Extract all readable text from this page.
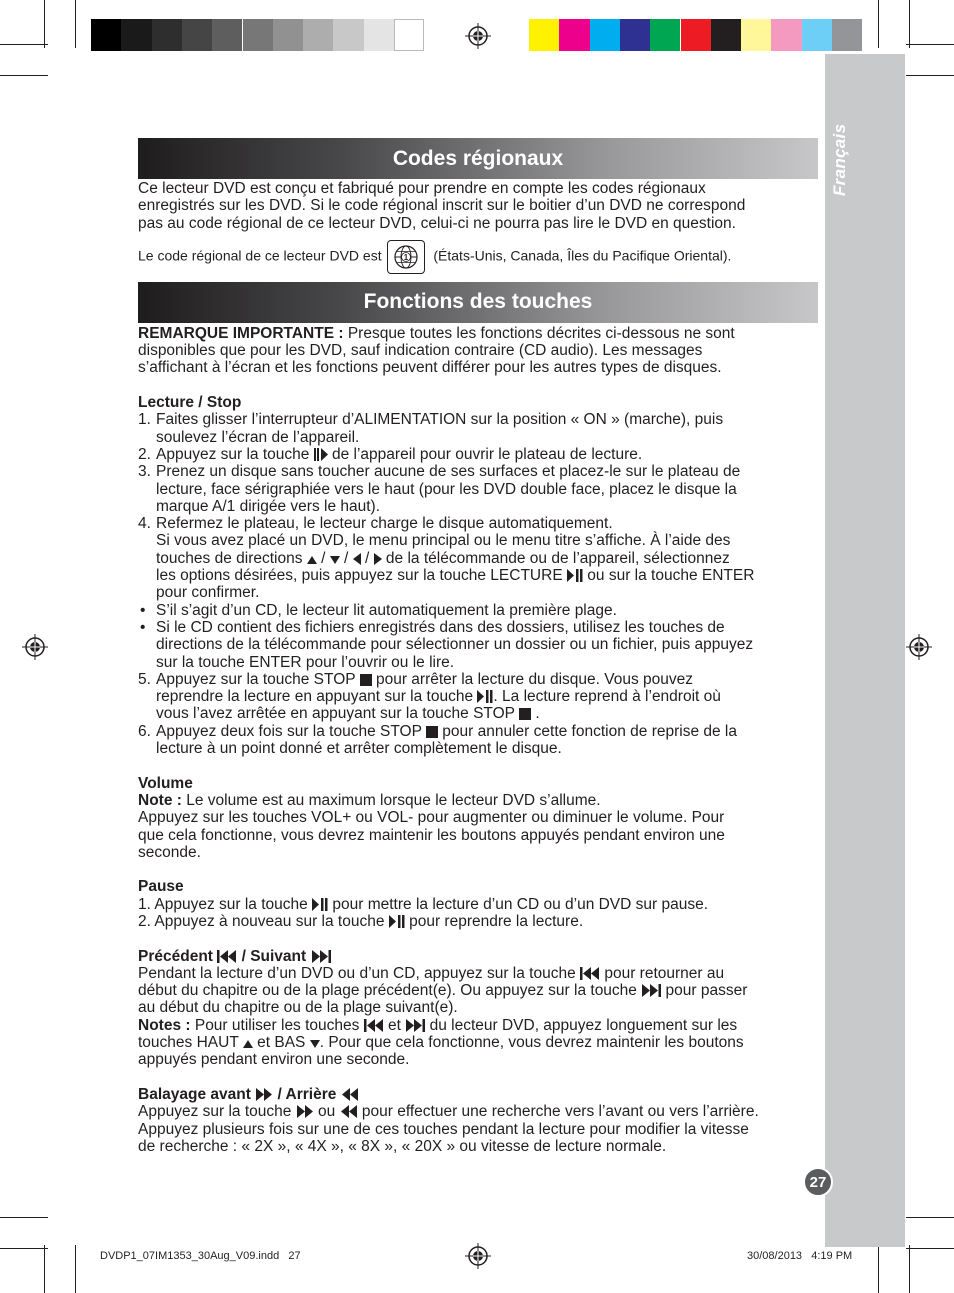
Français
27
Codes régionaux

Ce lecteur DVD est conçu et fabriqué pour prendre en compte les codes régionaux

enregistrés sur les DVD. Si le code régional inscrit sur le boitier d’un DVD ne correspond

pas au code régional de ce lecteur DVD, celui-ci ne pourra pas lire le DVD en question.

Le code régional de ce lecteur DVD est	1 (États-Unis, Canada, Îles du Pacifique Oriental).

Fonctions des touches

REMARQUE IMPORTANTE : Presque toutes les fonctions décrites ci-dessous ne sont

disponibles que pour les DVD, sauf indication contraire (CD audio). Les messages

s’affichant à l’écran et les fonctions peuvent différer pour les autres types de disques.

Lecture / Stop

1. Faites glisser l’interrupteur d’ALIMENTATION sur la position « ON » (marche), puis

soulevez l’écran de l’appareil.

2. Appuyez sur la touche de l’appareil pour ouvrir le plateau de lecture.
3. Prenez un disque sans toucher aucune de ses surfaces et placez-le sur le plateau de

lecture, face sérigraphiée vers le haut (pour les DVD double face, placez le disque la

marque A/1 dirigée vers le haut).

4. Refermez le plateau, le lecteur charge le disque automatiquement.

Si vous avez placé un DVD, le menu principal ou le menu titre s’affiche. À l’aide des

touches de directions / / / de la télécommande ou de l’appareil, sélectionnez

les options désirées, puis appuyez sur la touche LECTURE ou sur la touche ENTER

pour confirmer.

• S’il s’agit d’un CD, le lecteur lit automatiquement la première plage.
• Si le CD contient des fichiers enregistrés dans des dossiers, utilisez les touches de

directions de la télécommande pour sélectionner un dossier ou un fichier, puis appuyez

sur la touche ENTER pour l’ouvrir ou le lire.

5. Appuyez sur la touche STOP pour arrêter la lecture du disque. Vous pouvez

reprendre la lecture en appuyant sur la touche . La lecture reprend à l’endroit où

vous l’avez arrêtée en appuyant sur la touche STOP  .

6. Appuyez deux fois sur la touche STOP pour annuler cette fonction de reprise de la

lecture à un point donné et arrêter complètement le disque.

Volume

Note : Le volume est au maximum lorsque le lecteur DVD s’allume.

Appuyez sur les touches VOL+ ou VOL- pour augmenter ou diminuer le volume. Pour

que cela fonctionne, vous devrez maintenir les boutons appuyés pendant environ une

seconde.

Pause

1. Appuyez sur la touche pour mettre la lecture d’un CD ou d’un DVD sur pause.
2. Appuyez à nouveau sur la touche pour reprendre la lecture.

Précédent / Suivant

Pendant la lecture d’un DVD ou d’un CD, appuyez sur la touche pour retourner au

début du chapitre ou de la plage précédent(e). Ou appuyez sur la touche pour passer

au début du chapitre ou de la plage suivant(e).

Notes : Pour utiliser les touches et du lecteur DVD, appuyez longuement sur les

touches HAUT et BAS . Pour que cela fonctionne, vous devrez maintenir les boutons

appuyés pendant environ une seconde.

Balayage avant / Arrière

Appuyez sur la touche ou pour effectuer une recherche vers l’avant ou vers l’arrière.

Appuyez plusieurs fois sur une de ces touches pendant la lecture pour modifier la vitesse

de recherche : « 2X », « 4X », « 8X », « 20X » ou vitesse de lecture normale.

DVDP1_07IM1353_30Aug_V09.indd   27	30/08/2013   4:19 PM
